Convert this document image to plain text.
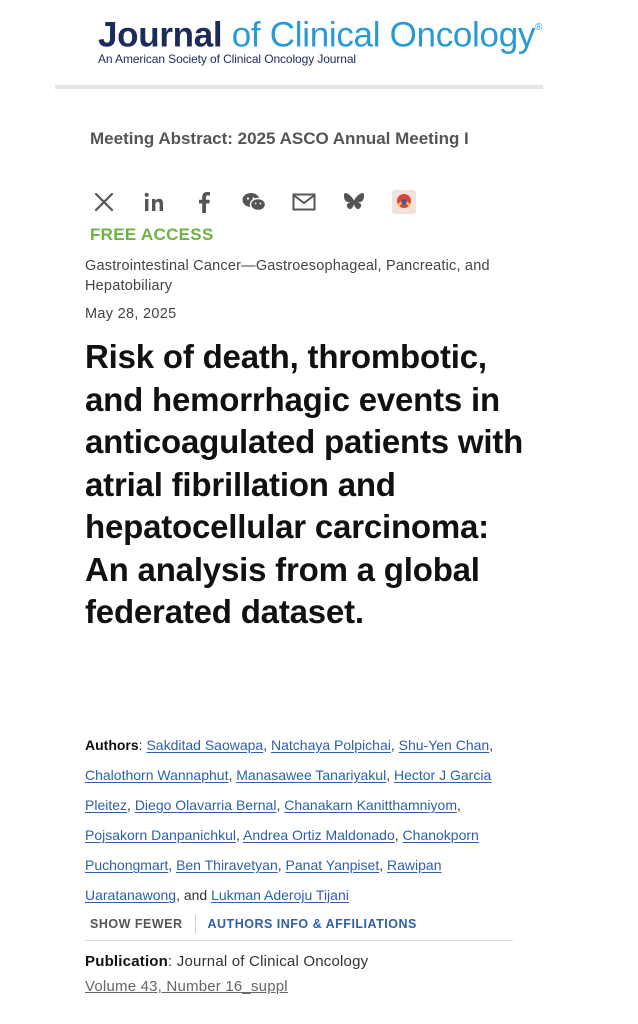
Journal of Clinical Oncology®
An American Society of Clinical Oncology Journal
Meeting Abstract: 2025 ASCO Annual Meeting I
FREE ACCESS
Gastrointestinal Cancer—Gastroesophageal, Pancreatic, and Hepatobiliary
May 28, 2025
Risk of death, thrombotic, and hemorrhagic events in anticoagulated patients with atrial fibrillation and hepatocellular carcinoma: An analysis from a global federated dataset.
Authors: Sakditad Saowapa, Natchaya Polpichai, Shu-Yen Chan, Chalothorn Wannaphut, Manasawee Tanariyakul, Hector J Garcia Pleitez, Diego Olavarria Bernal, Chanakarn Kanitthamniyom, Pojsakorn Danpanichkul, Andrea Ortiz Maldonado, Chanokporn Puchongmart, Ben Thiravetyan, Panat Yanpiset, Rawipan Uaratanawong, and Lukman Aderoju Tijani
SHOW FEWER AUTHORS INFO & AFFILIATIONS
Publication: Journal of Clinical Oncology
Volume 43, Number 16_suppl
